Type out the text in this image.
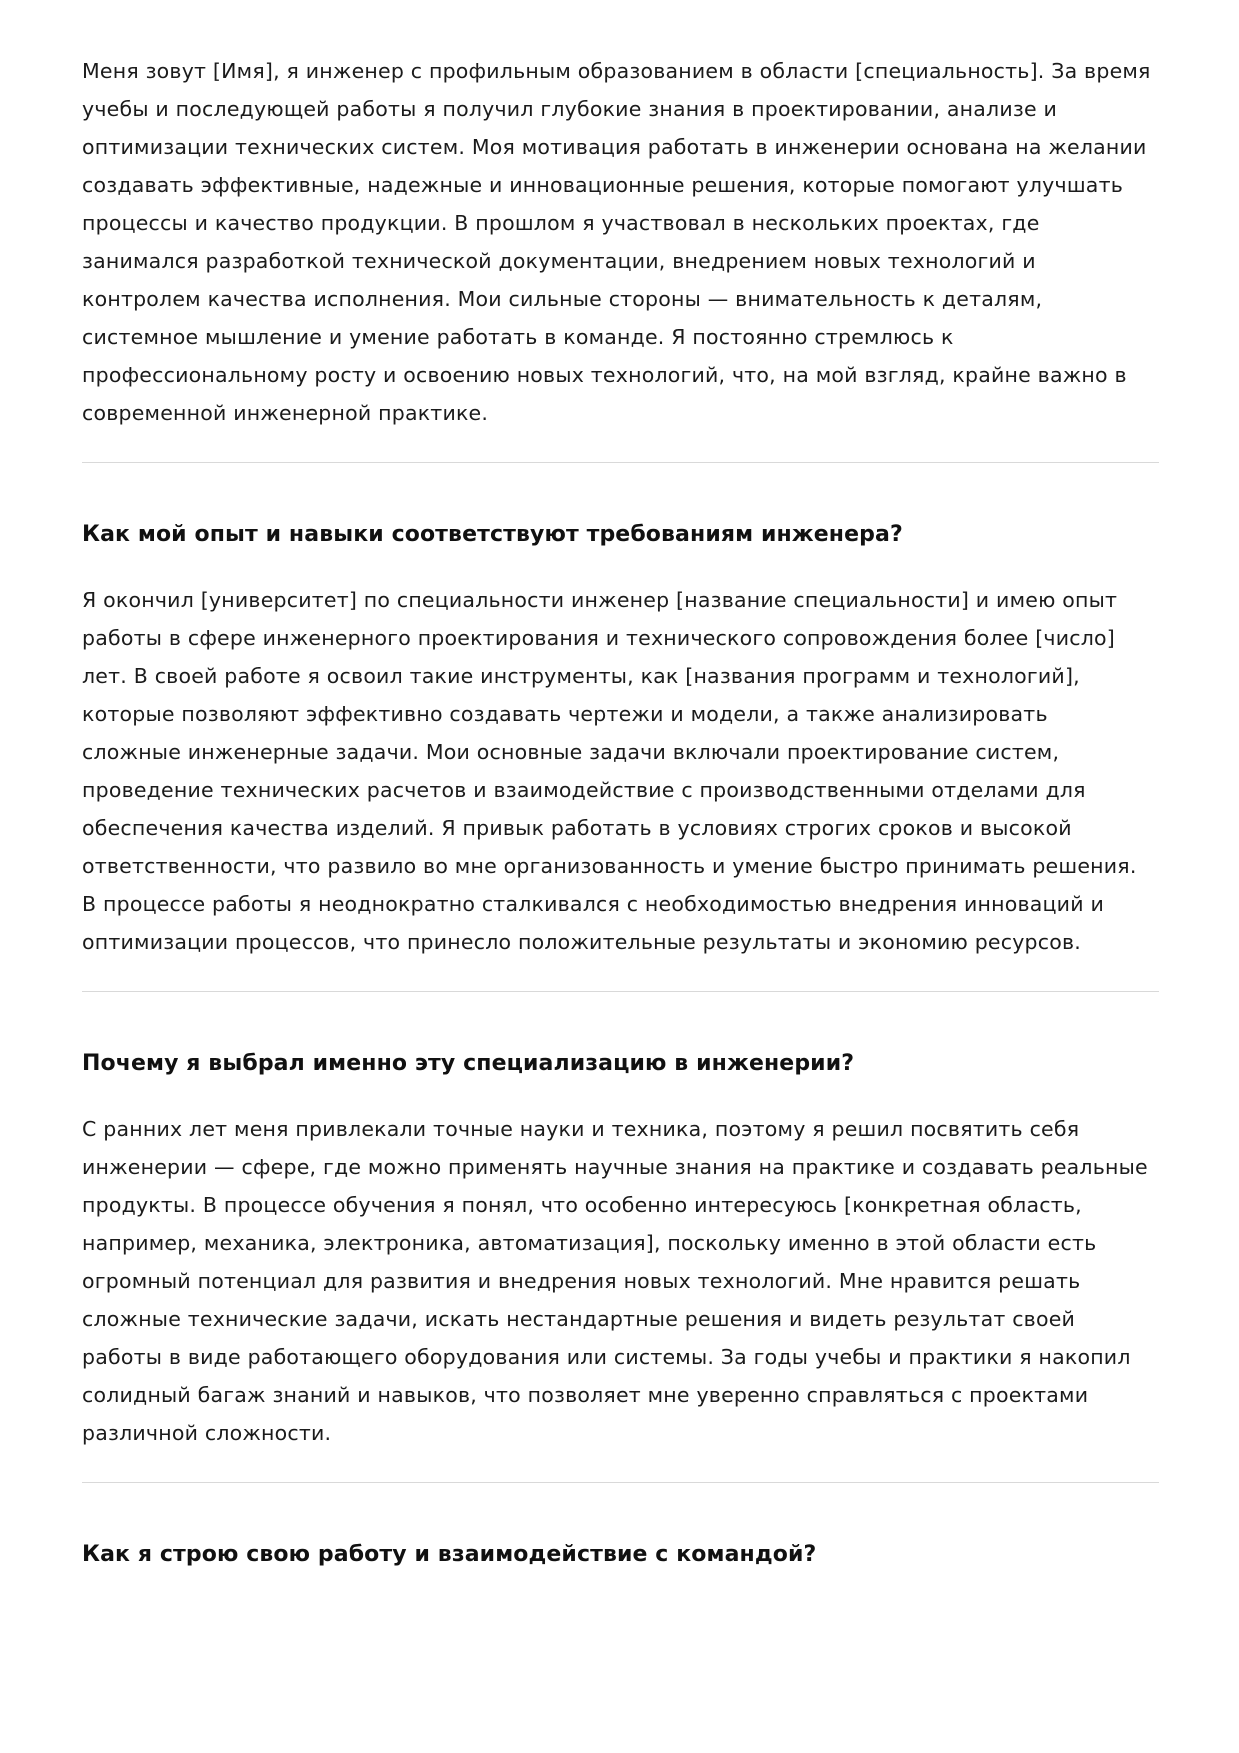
Меня зовут [Имя], я инженер с профильным образованием в области [специальность]. За время учебы и последующей работы я получил глубокие знания в проектировании, анализе и оптимизации технических систем. Моя мотивация работать в инженерии основана на желании создавать эффективные, надежные и инновационные решения, которые помогают улучшать процессы и качество продукции. В прошлом я участвовал в нескольких проектах, где занимался разработкой технической документации, внедрением новых технологий и контролем качества исполнения. Мои сильные стороны — внимательность к деталям, системное мышление и умение работать в команде. Я постоянно стремлюсь к профессиональному росту и освоению новых технологий, что, на мой взгляд, крайне важно в современной инженерной практике.

Как мой опыт и навыки соответствуют требованиям инженера?

Я окончил [университет] по специальности инженер [название специальности] и имею опыт работы в сфере инженерного проектирования и технического сопровождения более [число] лет. В своей работе я освоил такие инструменты, как [названия программ и технологий], которые позволяют эффективно создавать чертежи и модели, а также анализировать сложные инженерные задачи. Мои основные задачи включали проектирование систем, проведение технических расчетов и взаимодействие с производственными отделами для обеспечения качества изделий. Я привык работать в условиях строгих сроков и высокой ответственности, что развило во мне организованность и умение быстро принимать решения. В процессе работы я неоднократно сталкивался с необходимостью внедрения инноваций и оптимизации процессов, что принесло положительные результаты и экономию ресурсов.

Почему я выбрал именно эту специализацию в инженерии?

С ранних лет меня привлекали точные науки и техника, поэтому я решил посвятить себя инженерии — сфере, где можно применять научные знания на практике и создавать реальные продукты. В процессе обучения я понял, что особенно интересуюсь [конкретная область, например, механика, электроника, автоматизация], поскольку именно в этой области есть огромный потенциал для развития и внедрения новых технологий. Мне нравится решать сложные технические задачи, искать нестандартные решения и видеть результат своей работы в виде работающего оборудования или системы. За годы учебы и практики я накопил солидный багаж знаний и навыков, что позволяет мне уверенно справляться с проектами различной сложности.

Как я строю свою работу и взаимодействие с командой?
